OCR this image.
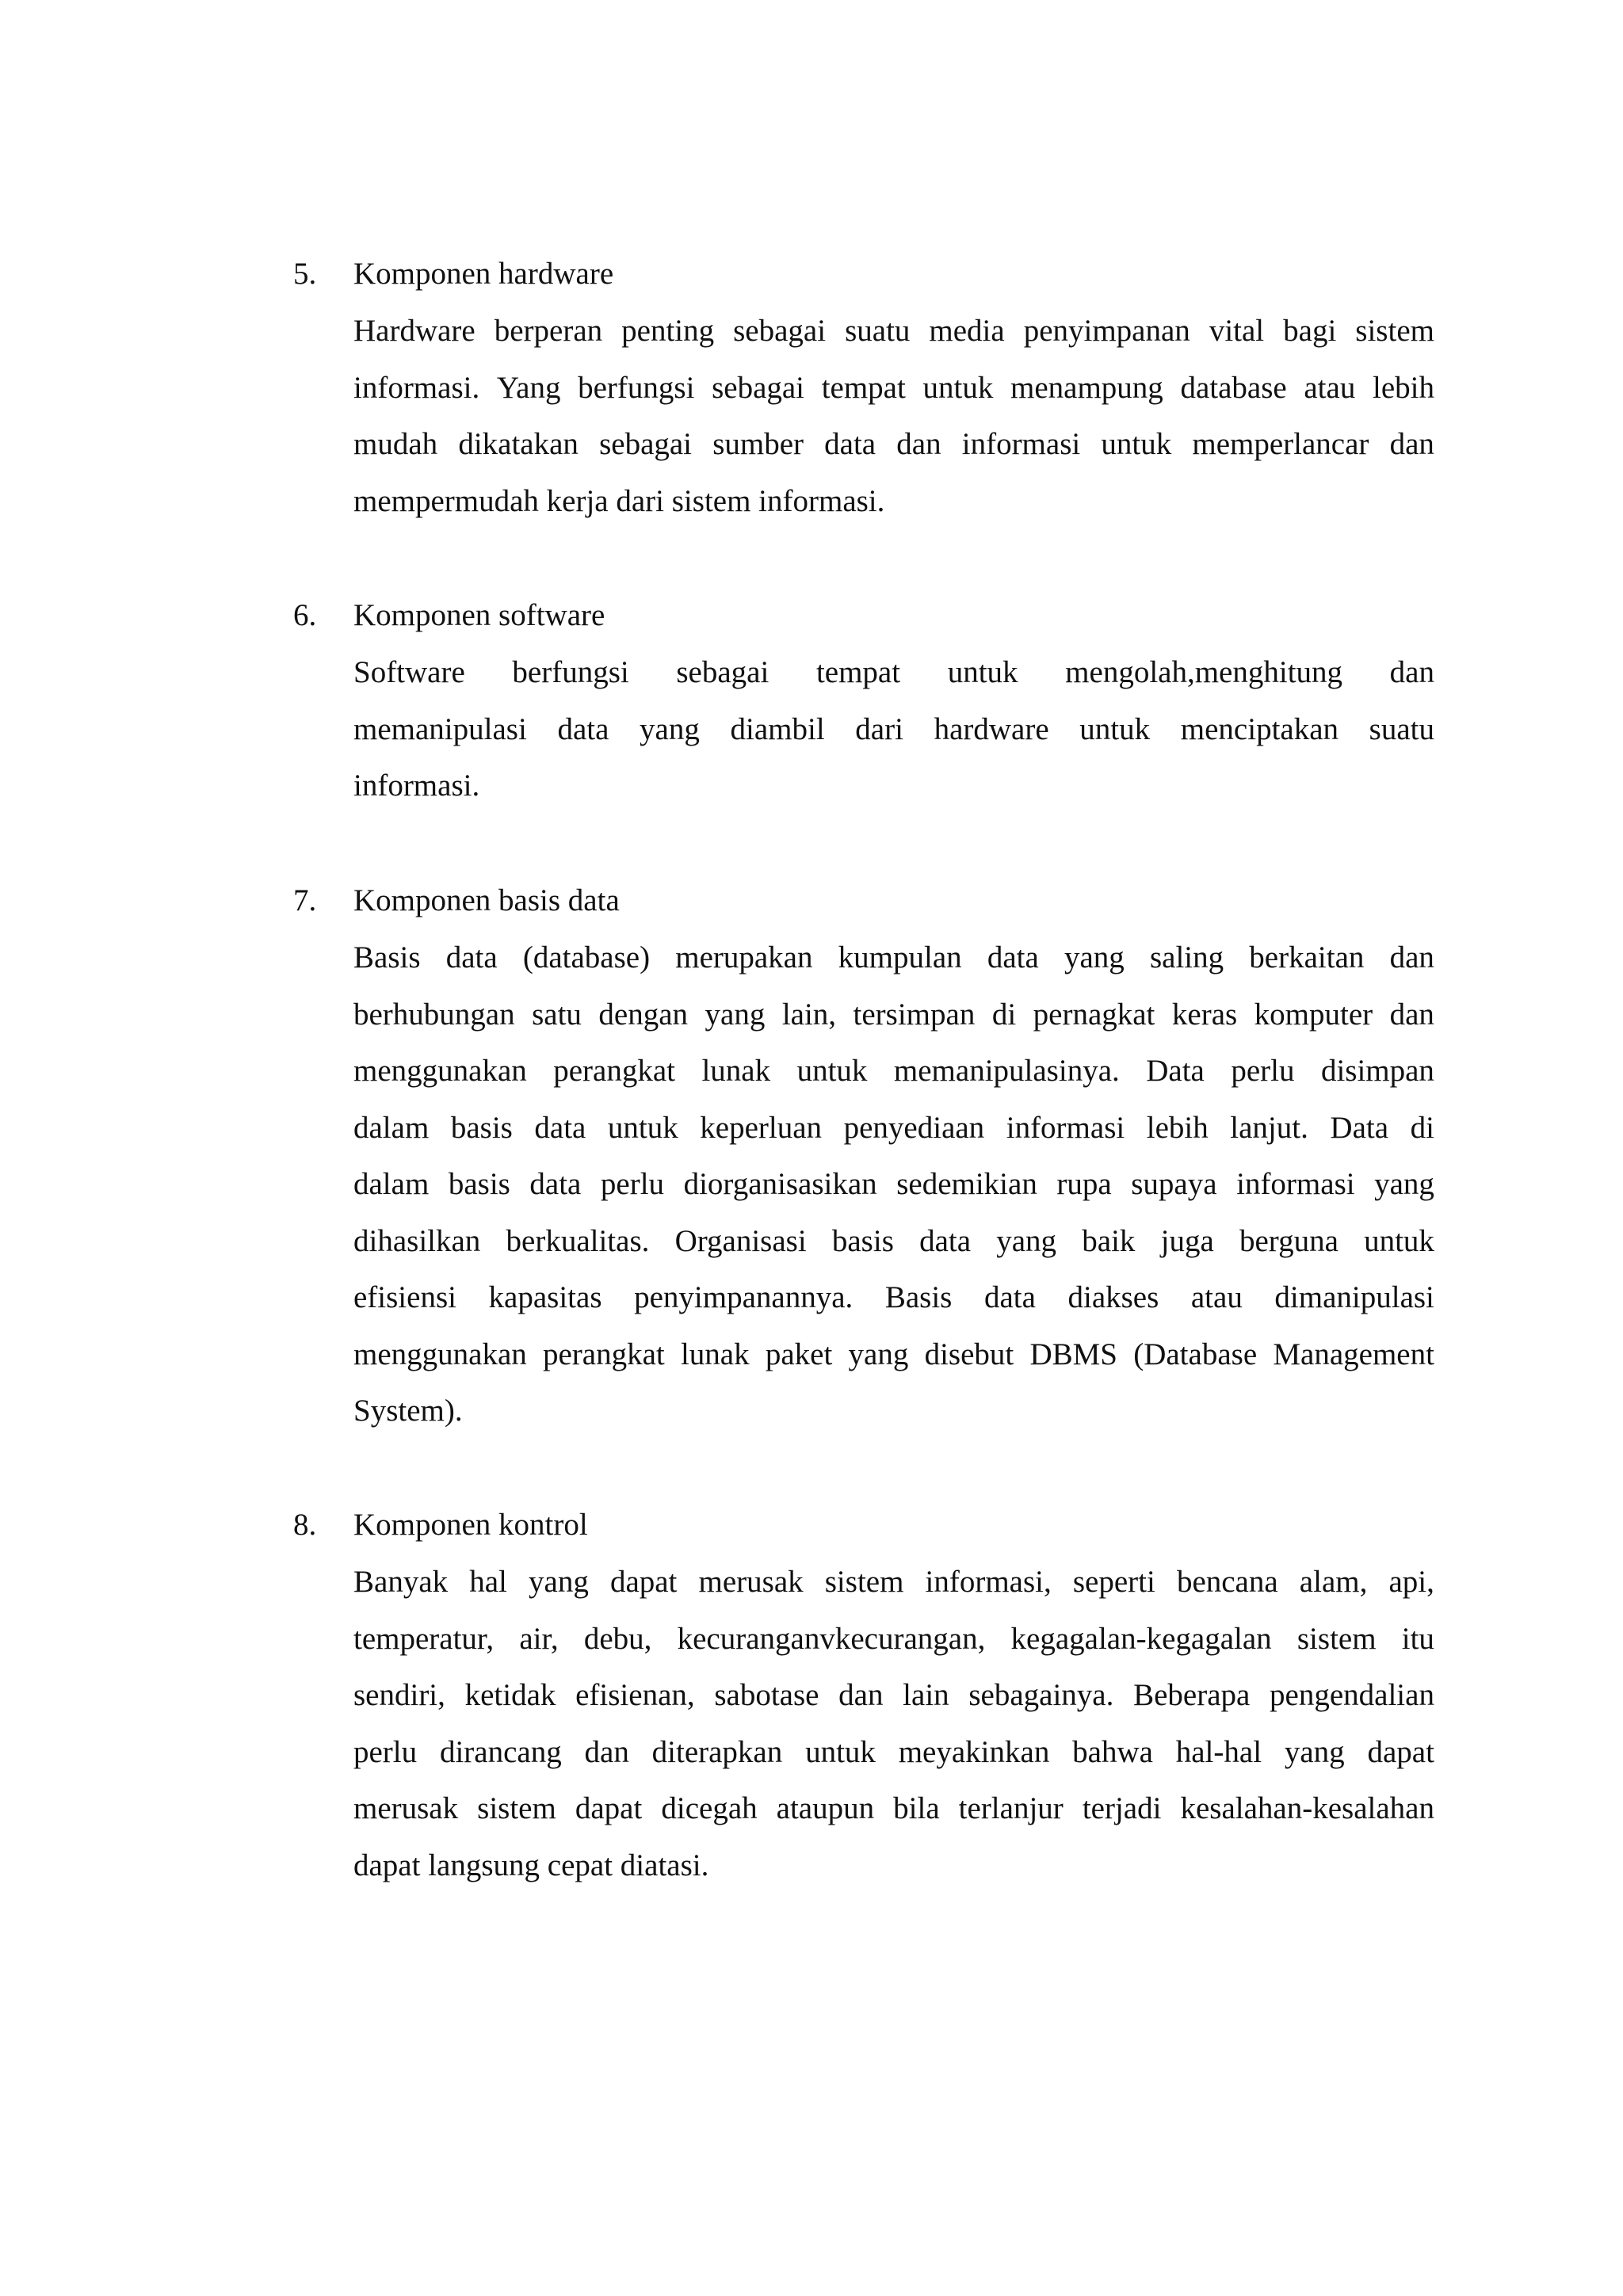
5. Komponen hardware
Hardware berperan penting sebagai suatu media penyimpanan vital bagi sistem
informasi. Yang berfungsi sebagai tempat untuk menampung database atau lebih
mudah dikatakan sebagai sumber data dan informasi untuk memperlancar dan
mempermudah kerja dari sistem informasi.
6. Komponen software
Software berfungsi sebagai tempat untuk mengolah,menghitung dan
memanipulasi data yang diambil dari hardware untuk menciptakan suatu
informasi.
7. Komponen basis data
Basis data (database) merupakan kumpulan data yang saling berkaitan dan
berhubungan satu dengan yang lain, tersimpan di pernagkat keras komputer dan
menggunakan perangkat lunak untuk memanipulasinya. Data perlu disimpan
dalam basis data untuk keperluan penyediaan informasi lebih lanjut. Data di
dalam basis data perlu diorganisasikan sedemikian rupa supaya informasi yang
dihasilkan berkualitas. Organisasi basis data yang baik juga berguna untuk
efisiensi kapasitas penyimpanannya. Basis data diakses atau dimanipulasi
menggunakan perangkat lunak paket yang disebut DBMS (Database Management
System).
8. Komponen kontrol
Banyak hal yang dapat merusak sistem informasi, seperti bencana alam, api,
temperatur, air, debu, kecuranganvkecurangan, kegagalan-kegagalan sistem itu
sendiri, ketidak efisienan, sabotase dan lain sebagainya. Beberapa pengendalian
perlu dirancang dan diterapkan untuk meyakinkan bahwa hal-hal yang dapat
merusak sistem dapat dicegah ataupun bila terlanjur terjadi kesalahan-kesalahan
dapat langsung cepat diatasi.
